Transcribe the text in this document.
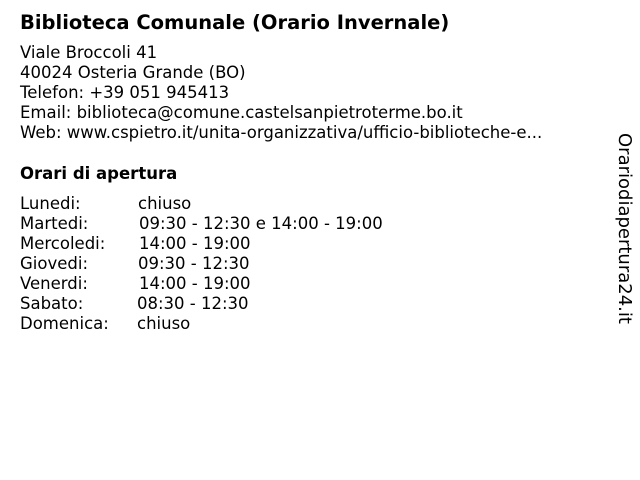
Biblioteca Comunale (Orario Invernale)
Viale Broccoli 41
40024 Osteria Grande (BO)
Telefon: +39 051 945413
Email: biblioteca@comune.castelsanpietroterme.bo.it
Web: www.cspietro.it/unita-organizzativa/ufficio-biblioteche-e...
Orari di apertura
Lunedi:	chiuso
Martedi:	09:30 - 12:30 e 14:00 - 19:00
Mercoledi: 14:00 - 19:00
Giovedi:	09:30 - 12:30
Venerdi:	14:00 - 19:00
Sabato:	08:30 - 12:30
Domenica: chiuso	Orariodiapertura24.it
